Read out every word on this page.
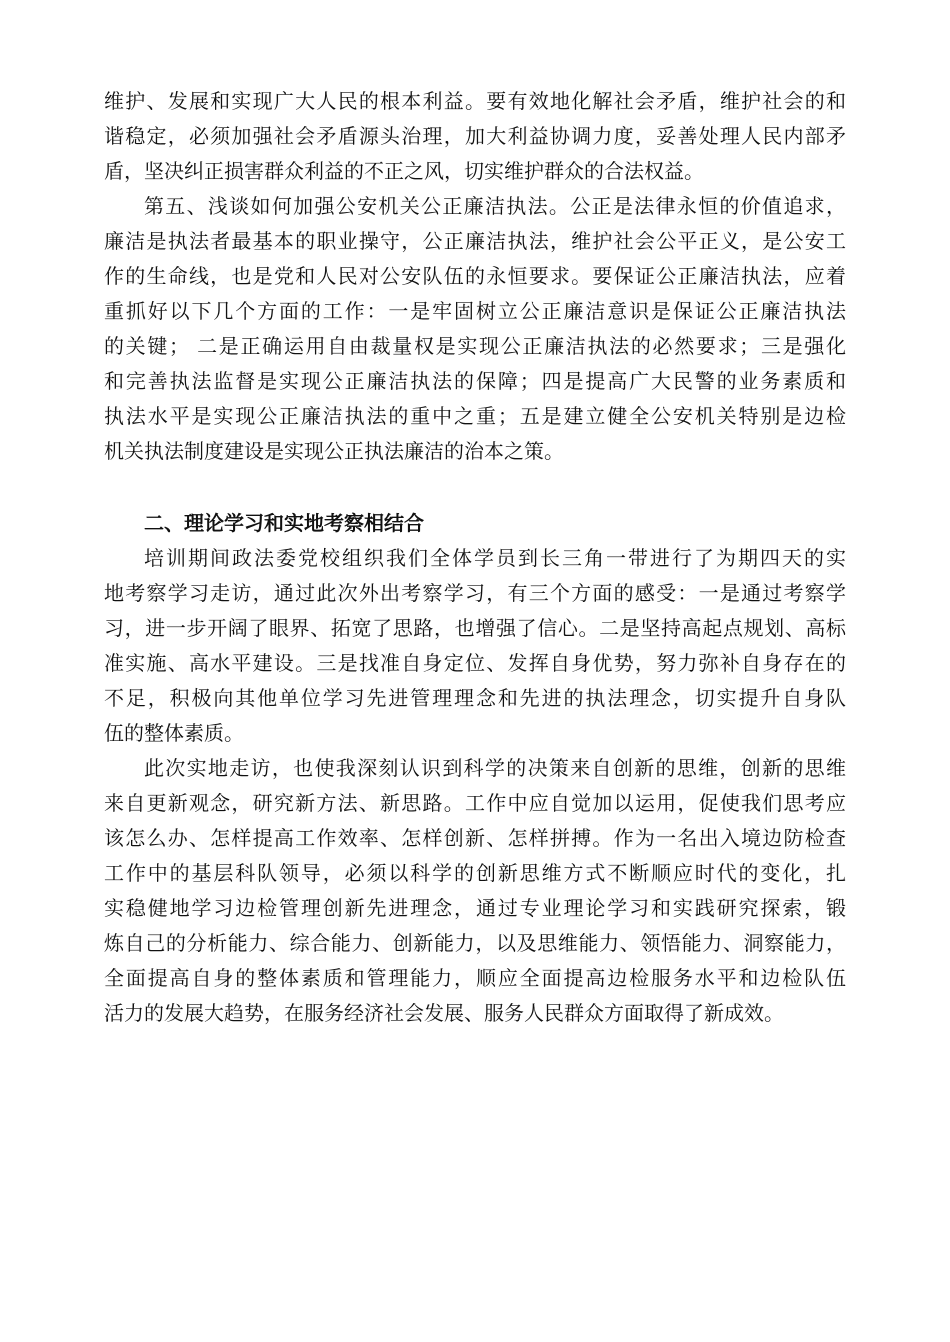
维护、发展和实现广大人民的根本利益。要有效地化解社会矛盾，维护社会的和
谐稳定，必须加强社会矛盾源头治理，加大利益协调力度，妥善处理人民内部矛
盾，坚决纠正损害群众利益的不正之风，切实维护群众的合法权益。
第五、浅谈如何加强公安机关公正廉洁执法。公正是法律永恒的价值追求，
廉洁是执法者最基本的职业操守，公正廉洁执法，维护社会公平正义，是公安工
作的生命线，也是党和人民对公安队伍的永恒要求。要保证公正廉洁执法，应着
重抓好以下几个方面的工作：一是牢固树立公正廉洁意识是保证公正廉洁执法
的关键； 二是正确运用自由裁量权是实现公正廉洁执法的必然要求；三是强化
和完善执法监督是实现公正廉洁执法的保障；四是提高广大民警的业务素质和
执法水平是实现公正廉洁执法的重中之重；五是建立健全公安机关特别是边检
机关执法制度建设是实现公正执法廉洁的治本之策。
二、理论学习和实地考察相结合
培训期间政法委党校组织我们全体学员到长三角一带进行了为期四天的实
地考察学习走访，通过此次外出考察学习，有三个方面的感受：一是通过考察学
习，进一步开阔了眼界、拓宽了思路，也增强了信心。二是坚持高起点规划、高标
准实施、高水平建设。三是找准自身定位、发挥自身优势，努力弥补自身存在的
不足，积极向其他单位学习先进管理理念和先进的执法理念，切实提升自身队
伍的整体素质。
此次实地走访，也使我深刻认识到科学的决策来自创新的思维，创新的思维
来自更新观念，研究新方法、新思路。工作中应自觉加以运用，促使我们思考应
该怎么办、怎样提高工作效率、怎样创新、怎样拼搏。作为一名出入境边防检查
工作中的基层科队领导，必须以科学的创新思维方式不断顺应时代的变化，扎
实稳健地学习边检管理创新先进理念，通过专业理论学习和实践研究探索，锻
炼自己的分析能力、综合能力、创新能力，以及思维能力、领悟能力、洞察能力，
全面提高自身的整体素质和管理能力，顺应全面提高边检服务水平和边检队伍
活力的发展大趋势，在服务经济社会发展、服务人民群众方面取得了新成效。
